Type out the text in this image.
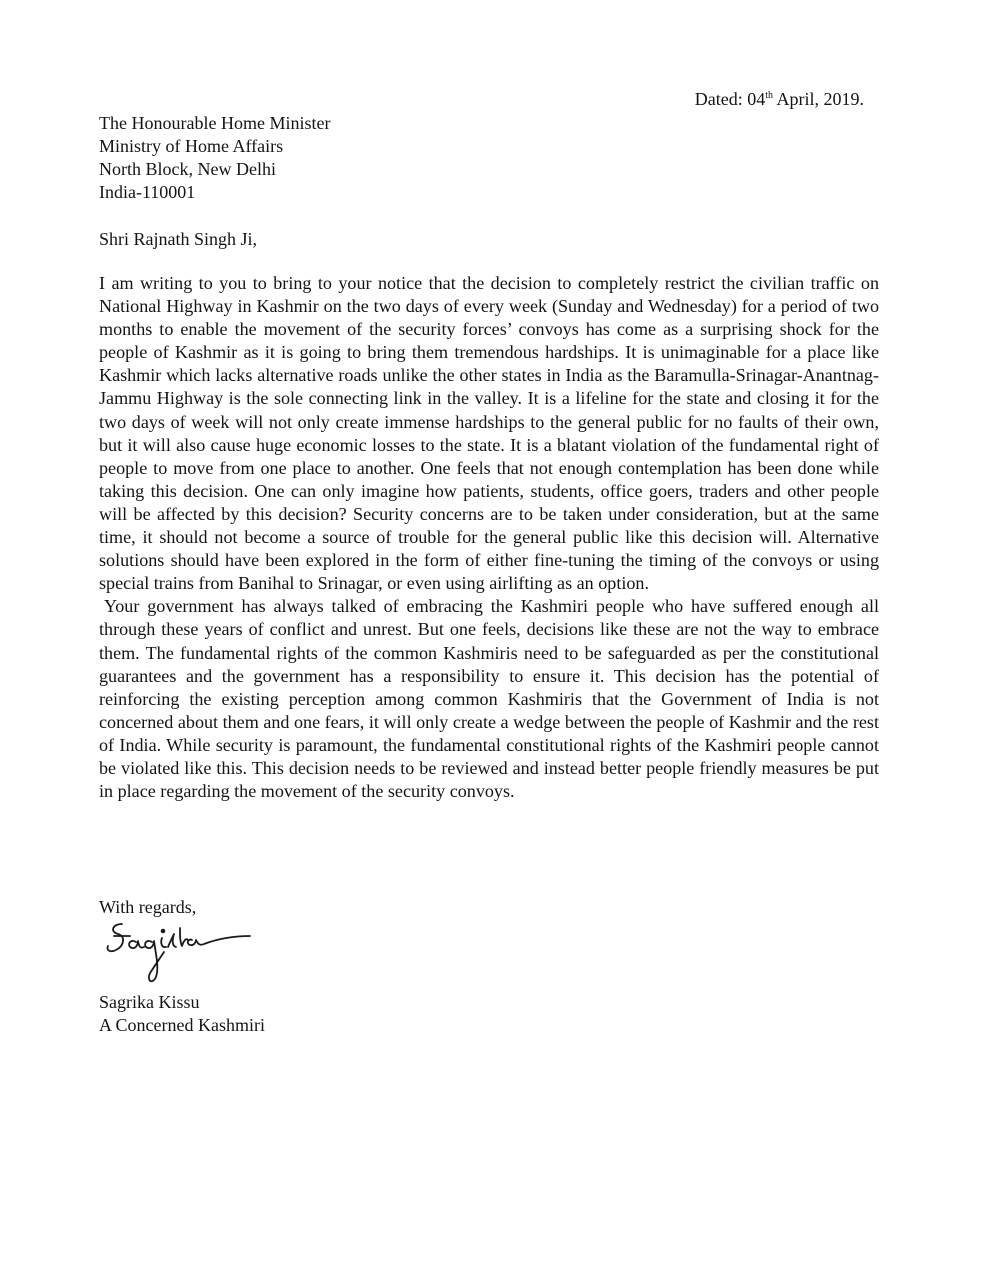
Dated: 04th April, 2019.
The Honourable Home Minister
Ministry of Home Affairs
North Block, New Delhi
India-110001
Shri Rajnath Singh Ji,

I am writing to you to bring to your notice that the decision to completely restrict the civilian traffic on National Highway in Kashmir on the two days of every week (Sunday and Wednesday) for a period of two months to enable the movement of the security forces’ convoys has come as a surprising shock for the people of Kashmir as it is going to bring them tremendous hardships. It is unimaginable for a place like Kashmir which lacks alternative roads unlike the other states in India as the Baramulla-Srinagar-Anantnag-Jammu Highway is the sole connecting link in the valley. It is a lifeline for the state and closing it for the two days of week will not only create immense hardships to the general public for no faults of their own, but it will also cause huge economic losses to the state. It is a blatant violation of the fundamental right of people to move from one place to another. One feels that not enough contemplation has been done while taking this decision. One can only imagine how patients, students, office goers, traders and other people will be affected by this decision? Security concerns are to be taken under consideration, but at the same time, it should not become a source of trouble for the general public like this decision will. Alternative solutions should have been explored in the form of either fine-tuning the timing of the convoys or using special trains from Banihal to Srinagar, or even using airlifting as an option.

Your government has always talked of embracing the Kashmiri people who have suffered enough all through these years of conflict and unrest. But one feels, decisions like these are not the way to embrace them. The fundamental rights of the common Kashmiris need to be safeguarded as per the constitutional guarantees and the government has a responsibility to ensure it. This decision has the potential of reinforcing the existing perception among common Kashmiris that the Government of India is not concerned about them and one fears, it will only create a wedge between the people of Kashmir and the rest of India. While security is paramount, the fundamental constitutional rights of the Kashmiri people cannot be violated like this. This decision needs to be reviewed and instead better people friendly measures be put in place regarding the movement of the security convoys.

With regards,
Sagrika Kissu
A Concerned Kashmiri
